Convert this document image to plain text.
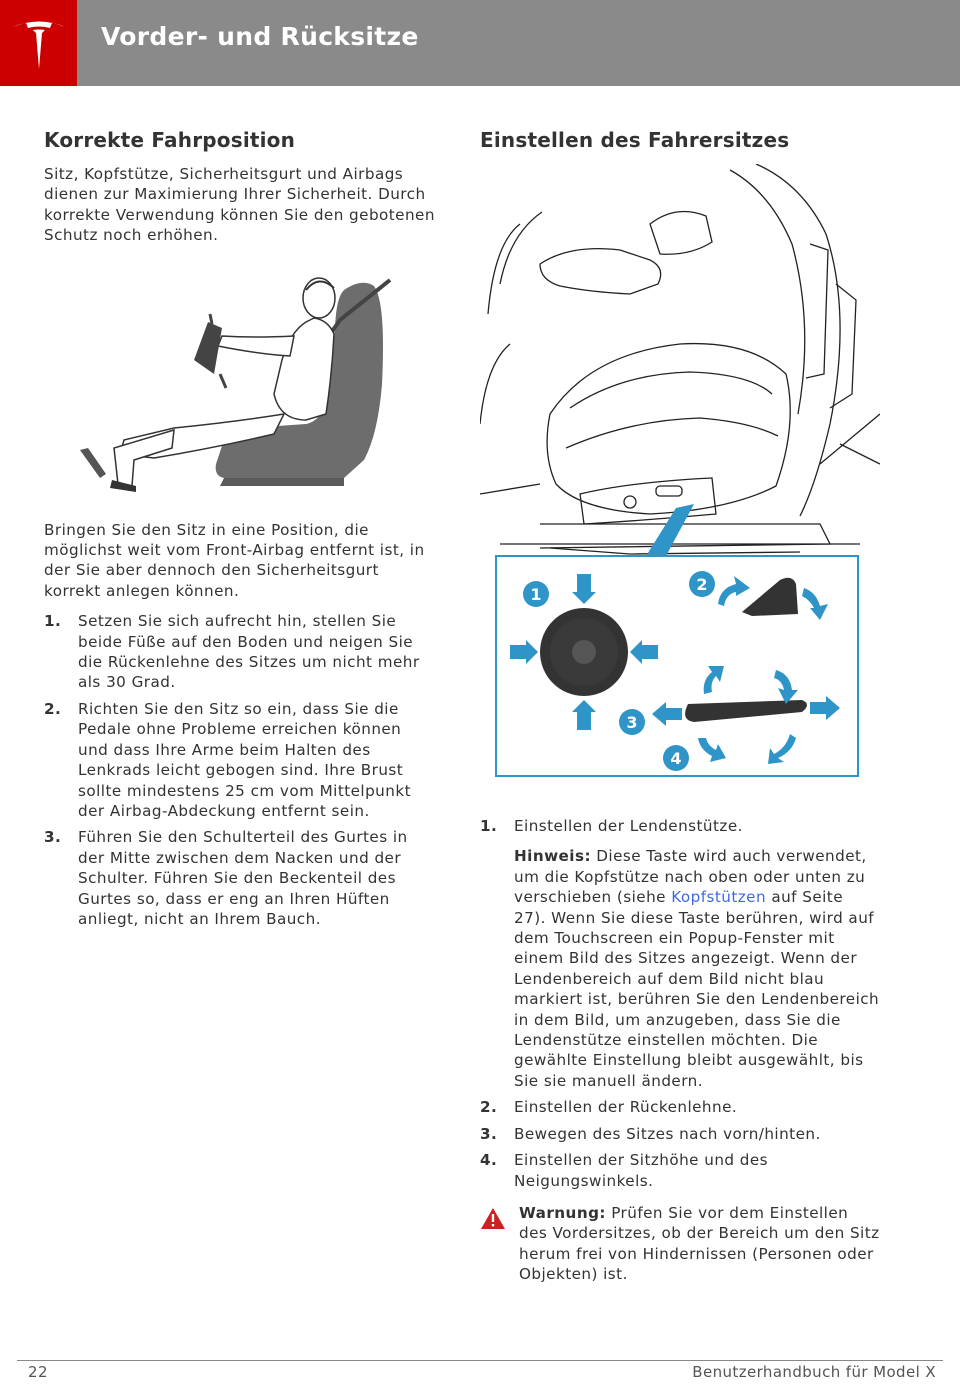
Vorder- und Rücksitze
Korrekte Fahrposition

Sitz, Kopfstütze, Sicherheitsgurt und Airbags dienen zur Maximierung Ihrer Sicherheit. Durch korrekte Verwendung können Sie den gebotenen Schutz noch erhöhen.

Bringen Sie den Sitz in eine Position, die möglichst weit vom Front-Airbag entfernt ist, in der Sie aber dennoch den Sicherheitsgurt korrekt anlegen können.

1. Setzen Sie sich aufrecht hin, stellen Sie beide Füße auf den Boden und neigen Sie die Rückenlehne des Sitzes um nicht mehr als 30 Grad.
2. Richten Sie den Sitz so ein, dass Sie die Pedale ohne Probleme erreichen können und dass Ihre Arme beim Halten des Lenkrads leicht gebogen sind. Ihre Brust sollte mindestens 25 cm vom Mittelpunkt der Airbag-Abdeckung entfernt sein.
3. Führen Sie den Schulterteil des Gurtes in der Mitte zwischen dem Nacken und der Schulter. Führen Sie den Beckenteil des Gurtes so, dass er eng an Ihren Hüften anliegt, nicht an Ihrem Bauch.
Einstellen des Fahrersitzes
1
2
3
4
1. Einstellen der Lendenstütze.

Hinweis: Diese Taste wird auch verwendet, um die Kopfstütze nach oben oder unten zu verschieben (siehe Kopfstützen auf Seite 27). Wenn Sie diese Taste berühren, wird auf dem Touchscreen ein Popup-Fenster mit einem Bild des Sitzes angezeigt. Wenn der Lendenbereich auf dem Bild nicht blau markiert ist, berühren Sie den Lendenbereich in dem Bild, um anzugeben, dass Sie die Lendenstütze einstellen möchten. Die gewählte Einstellung bleibt ausgewählt, bis Sie sie manuell ändern.

2. Einstellen der Rückenlehne.
3. Bewegen des Sitzes nach vorn/hinten.
4. Einstellen der Sitzhöhe und des Neigungswinkels.

Warnung: Prüfen Sie vor dem Einstellen des Vordersitzes, ob der Bereich um den Sitz herum frei von Hindernissen (Personen oder Objekten) ist.

22	Benutzerhandbuch für Model X
